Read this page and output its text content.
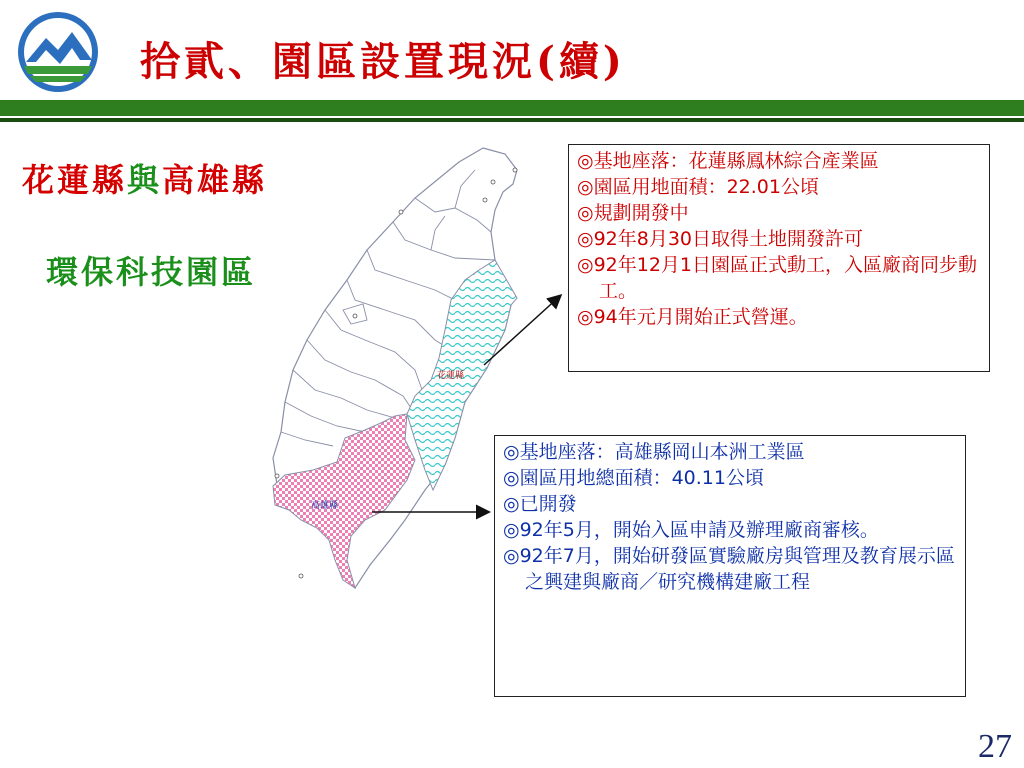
拾貳、園區設置現況(續)
花蓮縣與高雄縣
環保科技園區
花蓮縣
高雄縣
◎基地座落：花蓮縣鳳林綜合產業區
◎園區用地面積：22.01公頃
◎規劃開發中
◎92年8月30日取得土地開發許可
◎92年12月1日園區正式動工，入區廠商同步動工。
◎94年元月開始正式營運。
◎基地座落：高雄縣岡山本洲工業區
◎園區用地總面積：40.11公頃
◎已開發
◎92年5月，開始入區申請及辦理廠商審核。
◎92年7月，開始研發區實驗廠房與管理及教育展示區之興建與廠商／研究機構建廠工程
27
